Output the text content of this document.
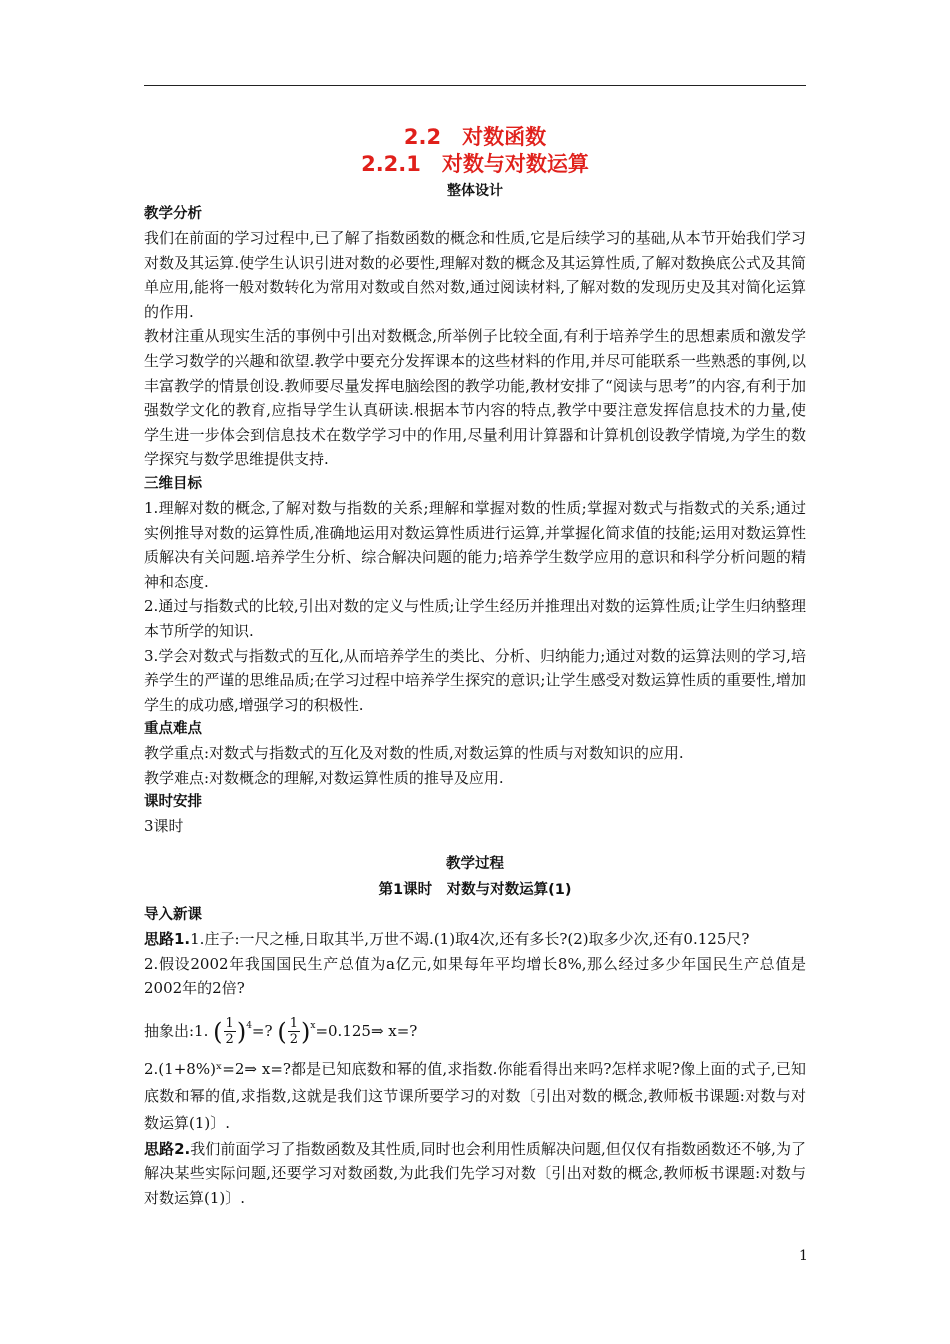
2.2　对数函数
2.2.1　对数与对数运算
整体设计
教学分析

我们在前面的学习过程中,已了解了指数函数的概念和性质,它是后续学习的基础,从本节开始我们学习对数及其运算.使学生认识引进对数的必要性,理解对数的概念及其运算性质,了解对数换底公式及其简单应用,能将一般对数转化为常用对数或自然对数,通过阅读材料,了解对数的发现历史及其对简化运算的作用.

教材注重从现实生活的事例中引出对数概念,所举例子比较全面,有利于培养学生的思想素质和激发学生学习数学的兴趣和欲望.教学中要充分发挥课本的这些材料的作用,并尽可能联系一些熟悉的事例,以丰富教学的情景创设.教师要尽量发挥电脑绘图的教学功能,教材安排了“阅读与思考”的内容,有利于加强数学文化的教育,应指导学生认真研读.根据本节内容的特点,教学中要注意发挥信息技术的力量,使学生进一步体会到信息技术在数学学习中的作用,尽量利用计算器和计算机创设教学情境,为学生的数学探究与数学思维提供支持.

三维目标

1.理解对数的概念,了解对数与指数的关系;理解和掌握对数的性质;掌握对数式与指数式的关系;通过实例推导对数的运算性质,准确地运用对数运算性质进行运算,并掌握化简求值的技能;运用对数运算性质解决有关问题.培养学生分析、综合解决问题的能力;培养学生数学应用的意识和科学分析问题的精神和态度.

2.通过与指数式的比较,引出对数的定义与性质;让学生经历并推理出对数的运算性质;让学生归纳整理本节所学的知识.

3.学会对数式与指数式的互化,从而培养学生的类比、分析、归纳能力;通过对数的运算法则的学习,培养学生的严谨的思维品质;在学习过程中培养学生探究的意识;让学生感受对数运算性质的重要性,增加学生的成功感,增强学习的积极性.

重点难点

教学重点:对数式与指数式的互化及对数的性质,对数运算的性质与对数知识的应用.

教学难点:对数概念的理解,对数运算性质的推导及应用.

课时安排

3课时

教学过程
第1课时　对数与对数运算(1)
导入新课

思路1.1.庄子:一尺之棰,日取其半,万世不竭.(1)取4次,还有多长?(2)取多少次,还有0.125尺?

2.假设2002年我国国民生产总值为a亿元,如果每年平均增长8%,那么经过多少年国民生产总值是2002年的2倍?

抽象出:1. ( $\frac{1}{2} )^4=$? ( $\frac{1}{2}$ )$^x$=0.125⇒ x=?

2.(1+8%)ˣ=2⇒ x=?都是已知底数和幂的值,求指数.你能看得出来吗?怎样求呢?像上面的式子,已知底数和幂的值,求指数,这就是我们这节课所要学习的对数〔引出对数的概念,教师板书课题:对数与对数运算(1)〕.

思路2.我们前面学习了指数函数及其性质,同时也会利用性质解决问题,但仅仅有指数函数还不够,为了解决某些实际问题,还要学习对数函数,为此我们先学习对数〔引出对数的概念,教师板书课题:对数与对数运算(1)〕.

1
